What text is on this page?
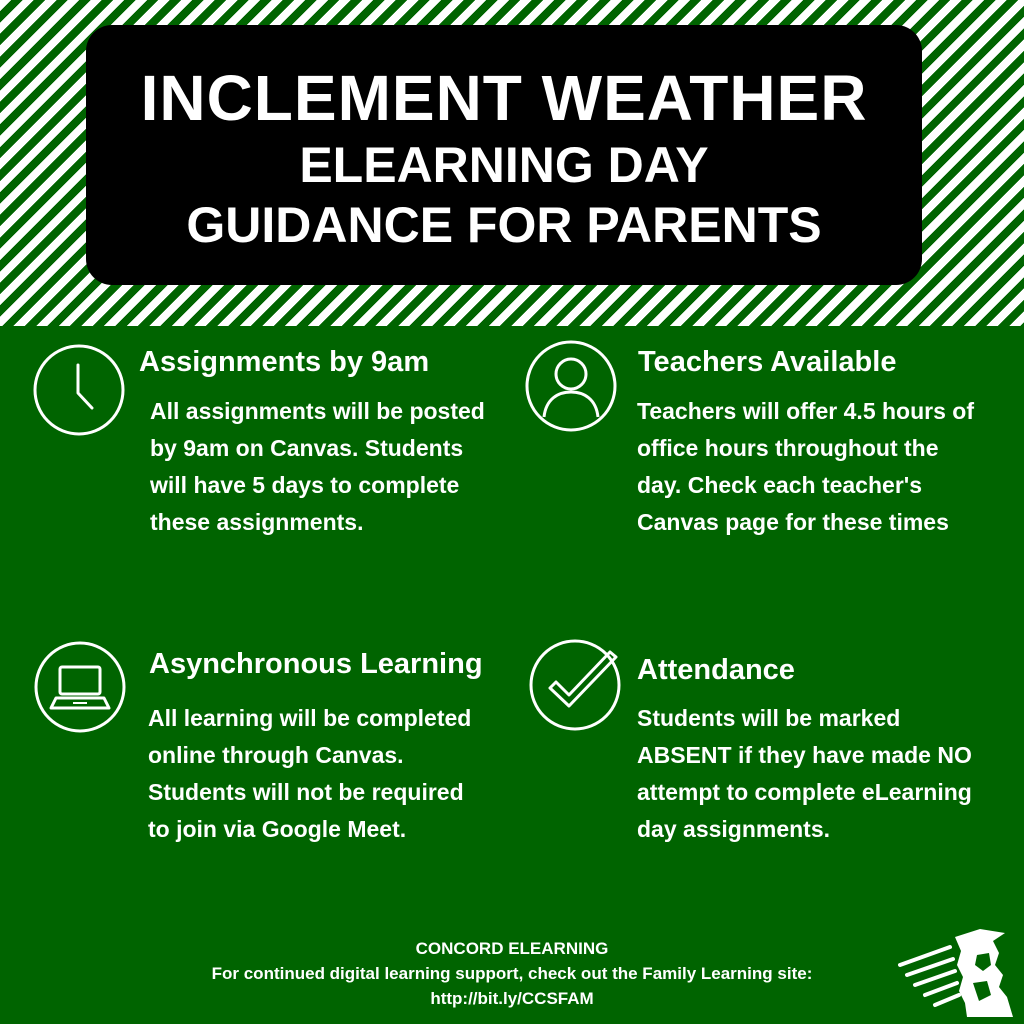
INCLEMENT WEATHER
ELEARNING DAY
GUIDANCE FOR PARENTS
Assignments by 9am
All assignments will be posted by 9am on Canvas. Students will have 5 days to complete these assignments.
Teachers Available
Teachers will offer 4.5 hours of office hours throughout the day. Check each teacher's Canvas page for these times
Asynchronous Learning
All learning will be completed online through Canvas. Students will not be required to join via Google Meet.
Attendance
Students will be marked ABSENT if they have made NO attempt to complete eLearning day assignments.
CONCORD ELEARNING
For continued digital learning support, check out the Family Learning site:
http://bit.ly/CCSFAM
